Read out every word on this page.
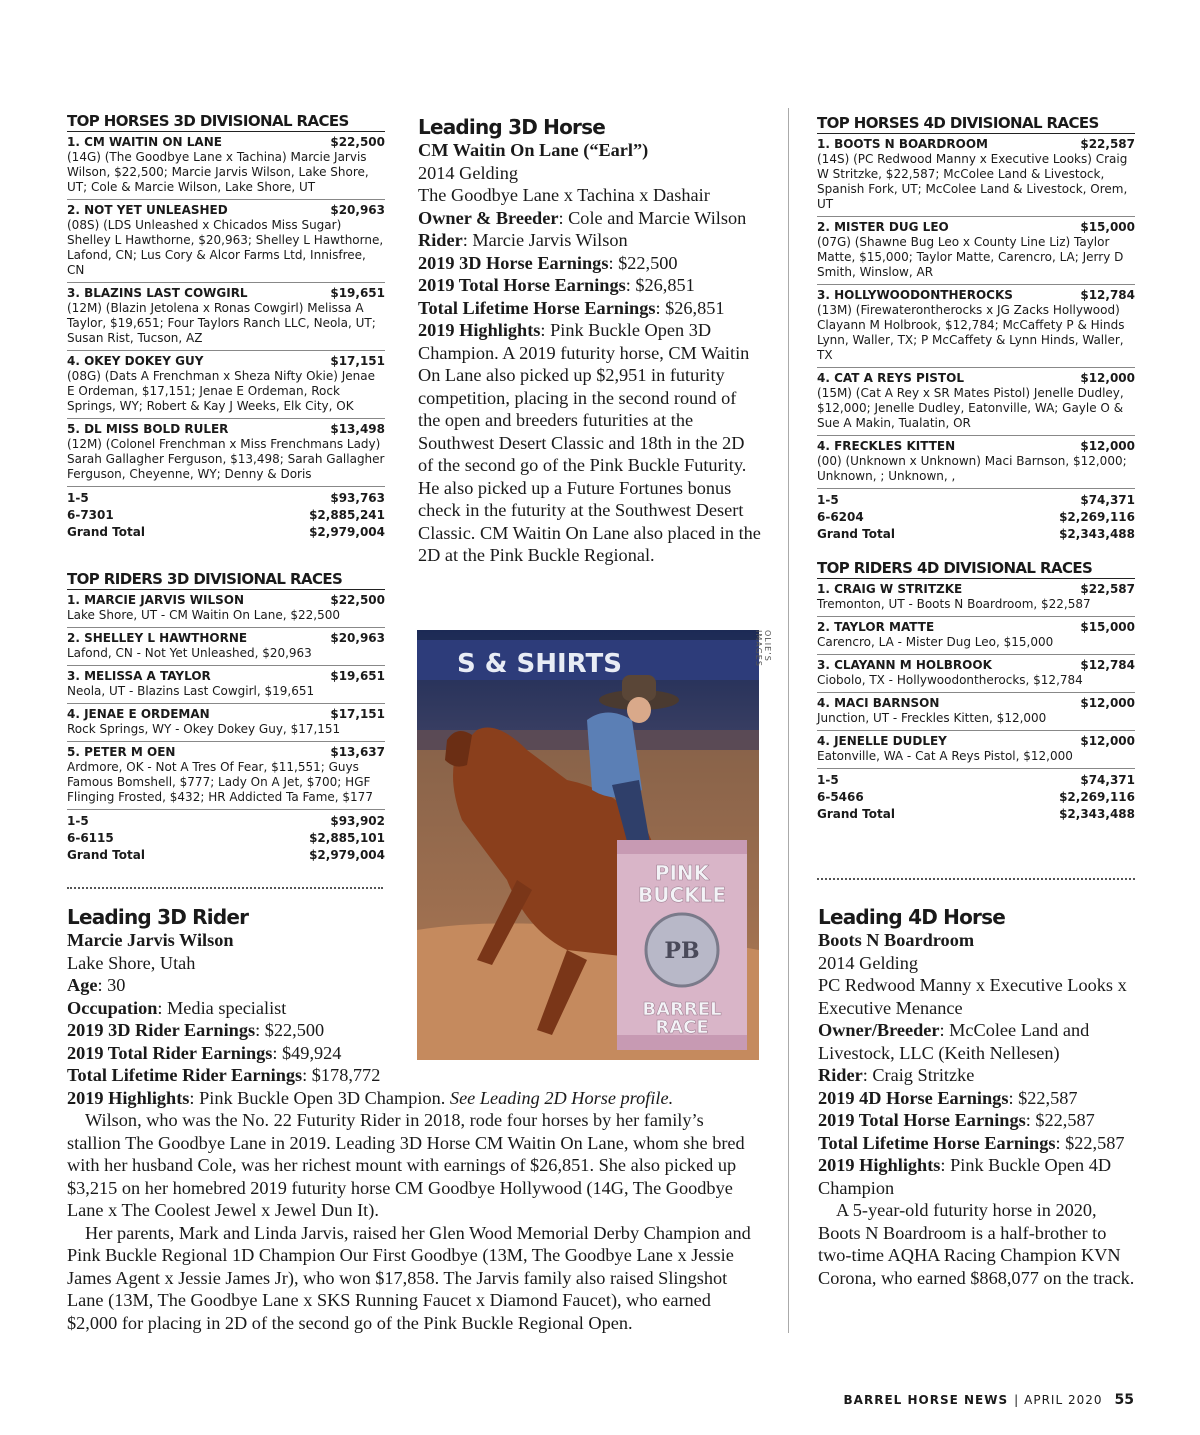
TOP HORSES 3D DIVISIONAL RACES
1. CM WAITIN ON LANE	$22,500
(14G) (The Goodbye Lane x Tachina) Marcie Jarvis Wilson, $22,500; Marcie Jarvis Wilson, Lake Shore, UT; Cole & Marcie Wilson, Lake Shore, UT
2. NOT YET UNLEASHED	$20,963
(08S) (LDS Unleashed x Chicados Miss Sugar) Shelley L Hawthorne, $20,963; Shelley L Hawthorne, Lafond, CN; Lus Cory & Alcor Farms Ltd, Innisfree, CN
3. BLAZINS LAST COWGIRL	$19,651
(12M) (Blazin Jetolena x Ronas Cowgirl) Melissa A Taylor, $19,651; Four Taylors Ranch LLC, Neola, UT; Susan Rist, Tucson, AZ
4. OKEY DOKEY GUY	$17,151
(08G) (Dats A Frenchman x Sheza Nifty Okie) Jenae E Ordeman, $17,151; Jenae E Ordeman, Rock Springs, WY; Robert & Kay J Weeks, Elk City, OK
5. DL MISS BOLD RULER	$13,498
(12M) (Colonel Frenchman x Miss Frenchmans Lady) Sarah Gallagher Ferguson, $13,498; Sarah Gallagher Ferguson, Cheyenne, WY; Denny & Doris
1-5	$93,763
6-7301	$2,885,241
Grand Total	$2,979,004
TOP RIDERS 3D DIVISIONAL RACES
1. MARCIE JARVIS WILSON	$22,500
Lake Shore, UT - CM Waitin On Lane, $22,500
2. SHELLEY L HAWTHORNE	$20,963
Lafond, CN - Not Yet Unleashed, $20,963
3. MELISSA A TAYLOR	$19,651
Neola, UT - Blazins Last Cowgirl, $19,651
4. JENAE E ORDEMAN	$17,151
Rock Springs, WY - Okey Dokey Guy, $17,151
5. PETER M OEN	$13,637
Ardmore, OK - Not A Tres Of Fear, $11,551; Guys Famous Bomshell, $777; Lady On A Jet, $700; HGF Flinging Frosted, $432; HR Addicted Ta Fame, $177
1-5	$93,902
6-6115	$2,885,101
Grand Total	$2,979,004
Leading 3D Rider
Marcie Jarvis Wilson
Lake Shore, Utah
Age: 30
Occupation: Media specialist
2019 3D Rider Earnings: $22,500
2019 Total Rider Earnings: $49,924
Total Lifetime Rider Earnings: $178,772
2019 Highlights: Pink Buckle Open 3D Champion. See Leading 2D Horse profile.
Wilson, who was the No. 22 Futurity Rider in 2018, rode four horses by her family’s stallion The Goodbye Lane in 2019. Leading 3D Horse CM Waitin On Lane, whom she bred with her husband Cole, was her richest mount with earnings of $26,851. She also picked up $3,215 on her homebred 2019 futurity horse CM Goodbye Hollywood (14G, The Goodbye Lane x The Coolest Jewel x Jewel Dun It).
Her parents, Mark and Linda Jarvis, raised her Glen Wood Memorial Derby Champion and Pink Buckle Regional 1D Champion Our First Goodbye (13M, The Goodbye Lane x Jessie James Agent x Jessie James Jr), who won $17,858. The Jarvis family also raised Slingshot Lane (13M, The Goodbye Lane x SKS Running Faucet x Diamond Faucet), who earned $2,000 for placing in 2D of the second go of the Pink Buckle Regional Open.
Leading 3D Horse
CM Waitin On Lane (“Earl”)
2014 Gelding
The Goodbye Lane x Tachina x Dashair
Owner & Breeder: Cole and Marcie Wilson
Rider: Marcie Jarvis Wilson
2019 3D Horse Earnings: $22,500
2019 Total Horse Earnings: $26,851
Total Lifetime Horse Earnings: $26,851
2019 Highlights: Pink Buckle Open 3D Champion. A 2019 futurity horse, CM Waitin On Lane also picked up $2,951 in futurity competition, placing in the second round of the open and breeders futurities at the Southwest Desert Classic and 18th in the 2D of the second go of the Pink Buckle Futurity. He also picked up a Future Fortunes bonus check in the futurity at the Southwest Desert Classic. CM Waitin On Lane also placed in the 2D at the Pink Buckle Regional.
S & SHIRTS
PINK
BUCKLE
PB
BARREL
RACE
OLIE’S IMAGES
TOP HORSES 4D DIVISIONAL RACES
1. BOOTS N BOARDROOM	$22,587
(14S) (PC Redwood Manny x Executive Looks) Craig W Stritzke, $22,587; McColee Land & Livestock, Spanish Fork, UT; McColee Land & Livestock, Orem, UT
2. MISTER DUG LEO	$15,000
(07G) (Shawne Bug Leo x County Line Liz) Taylor Matte, $15,000; Taylor Matte, Carencro, LA; Jerry D Smith, Winslow, AR
3. HOLLYWOODONTHEROCKS	$12,784
(13M) (Firewaterontherocks x JG Zacks Hollywood) Clayann M Holbrook, $12,784; McCaffety P & Hinds Lynn, Waller, TX; P McCaffety & Lynn Hinds, Waller, TX
4. CAT A REYS PISTOL	$12,000
(15M) (Cat A Rey x SR Mates Pistol) Jenelle Dudley, $12,000; Jenelle Dudley, Eatonville, WA; Gayle O & Sue A Makin, Tualatin, OR
4. FRECKLES KITTEN	$12,000
(00) (Unknown x Unknown) Maci Barnson, $12,000; Unknown, ; Unknown, ,
1-5	$74,371
6-6204	$2,269,116
Grand Total	$2,343,488
TOP RIDERS 4D DIVISIONAL RACES
1. CRAIG W STRITZKE	$22,587
Tremonton, UT - Boots N Boardroom, $22,587
2. TAYLOR MATTE	$15,000
Carencro, LA - Mister Dug Leo, $15,000
3. CLAYANN M HOLBROOK	$12,784
Ciobolo, TX - Hollywoodontherocks, $12,784
4. MACI BARNSON	$12,000
Junction, UT - Freckles Kitten, $12,000
4. JENELLE DUDLEY	$12,000
Eatonville, WA - Cat A Reys Pistol, $12,000
1-5	$74,371
6-5466	$2,269,116
Grand Total	$2,343,488
Leading 4D Horse
Boots N Boardroom
2014 Gelding
PC Redwood Manny x Executive Looks x Executive Menance
Owner/Breeder: McColee Land and Livestock, LLC (Keith Nellesen)
Rider: Craig Stritzke
2019 4D Horse Earnings: $22,587
2019 Total Horse Earnings: $22,587
Total Lifetime Horse Earnings: $22,587
2019 Highlights: Pink Buckle Open 4D Champion
A 5-year-old futurity horse in 2020, Boots N Boardroom is a half-brother to two-time AQHA Racing Champion KVN Corona, who earned $868,077 on the track.
BARREL HORSE NEWS | APRIL 2020 55
